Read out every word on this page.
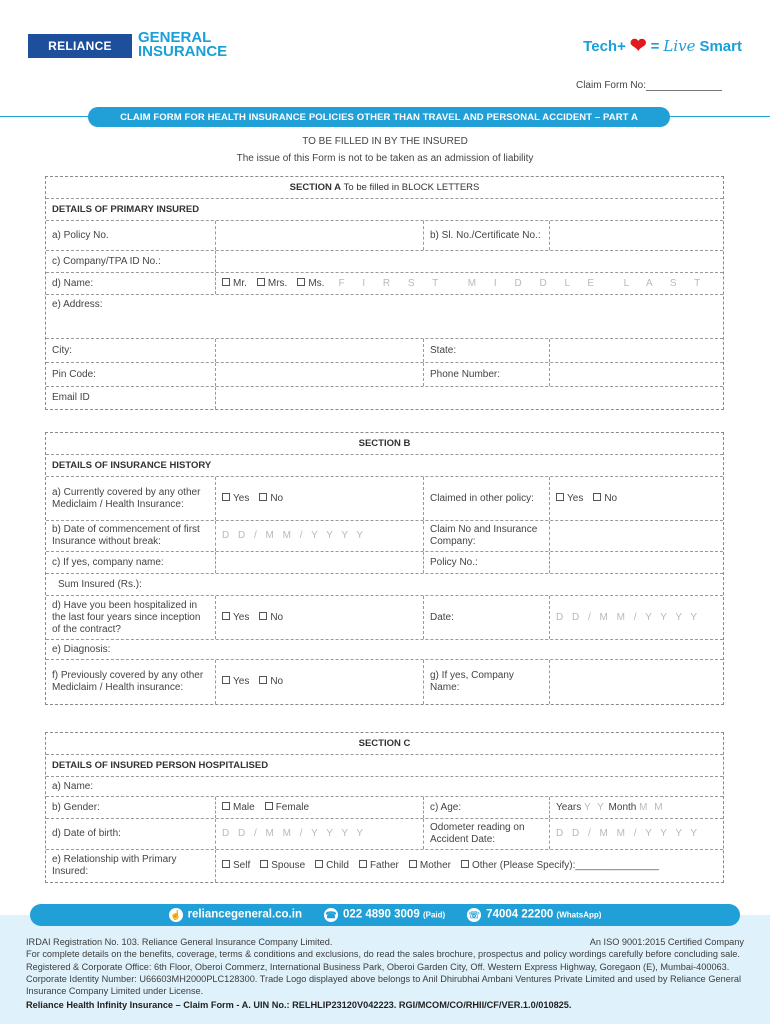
RELIANCE	GENERAL
INSURANCE	Tech+ ❤ = Live Smart
Claim Form No:
CLAIM FORM FOR HEALTH INSURANCE POLICIES OTHER THAN TRAVEL AND PERSONAL ACCIDENT – PART A
TO BE FILLED IN BY THE INSURED
The issue of this Form is not to be taken as an admission of liability
SECTION A
To be filled in BLOCK LETTERS
DETAILS OF PRIMARY INSURED
a) Policy No.	b) Sl. No./Certificate No.:
c) Company/TPA ID No.:
d) Name:	Mr.	Mrs.	Ms. F I R S T M I D D L E L A S T
e) Address:
City:	State:
Pin Code:	Phone Number:
Email ID
SECTION B
DETAILS OF INSURANCE HISTORY
a) Currently covered by any other Mediclaim / Health Insurance:
Yes	No	Claimed in other policy:	Yes	No
b) Date of commencement of first Insurance without break:
D D / M M / Y Y Y Y
Claim No and Insurance Company:
c) If yes, company name:	Policy No.:
Sum Insured (Rs.):
d) Have you been hospitalized in the last four years since inception of the contract?
Yes	No	Date:	D D / M M / Y Y Y Y
e) Diagnosis:
f) Previously covered by any other Mediclaim / Health insurance:
Yes	No
g) If yes, Company Name:
SECTION C
DETAILS OF INSURED PERSON HOSPITALISED
a) Name:
b) Gender:	Male	Female	c) Age:	Years
Y Y
Month
M M
d) Date of birth:	D D / M M / Y Y Y Y
Odometer reading on Accident Date:
D D / M M / Y Y Y Y
e) Relationship with Primary Insured:
Self	Spouse	Child	Father	Mother	Other (Please Specify):_______________
☝ reliancegeneral.co.in	☎ 022 4890 3009 (Paid)	☏ 74004 22200 (WhatsApp)
IRDAI Registration No. 103. Reliance General Insurance Company Limited.	An ISO 9001:2015 Certified Company
For complete details on the benefits, coverage, terms & conditions and exclusions, do read the sales brochure, prospectus and policy wordings carefully before concluding sale. Registered & Corporate Office: 6th Floor, Oberoi Commerz, International Business Park, Oberoi Garden City, Off. Western Express Highway, Goregaon (E), Mumbai-400063. Corporate Identity Number: U66603MH2000PLC128300. Trade Logo displayed above belongs to Anil Dhirubhai Ambani Ventures Private Limited and used by Reliance General Insurance Company Limited under License.
Reliance Health Infinity Insurance – Claim Form - A. UIN No.: RELHLIP23120V042223. RGI/MCOM/CO/RHII/CF/VER.1.0/010825.
